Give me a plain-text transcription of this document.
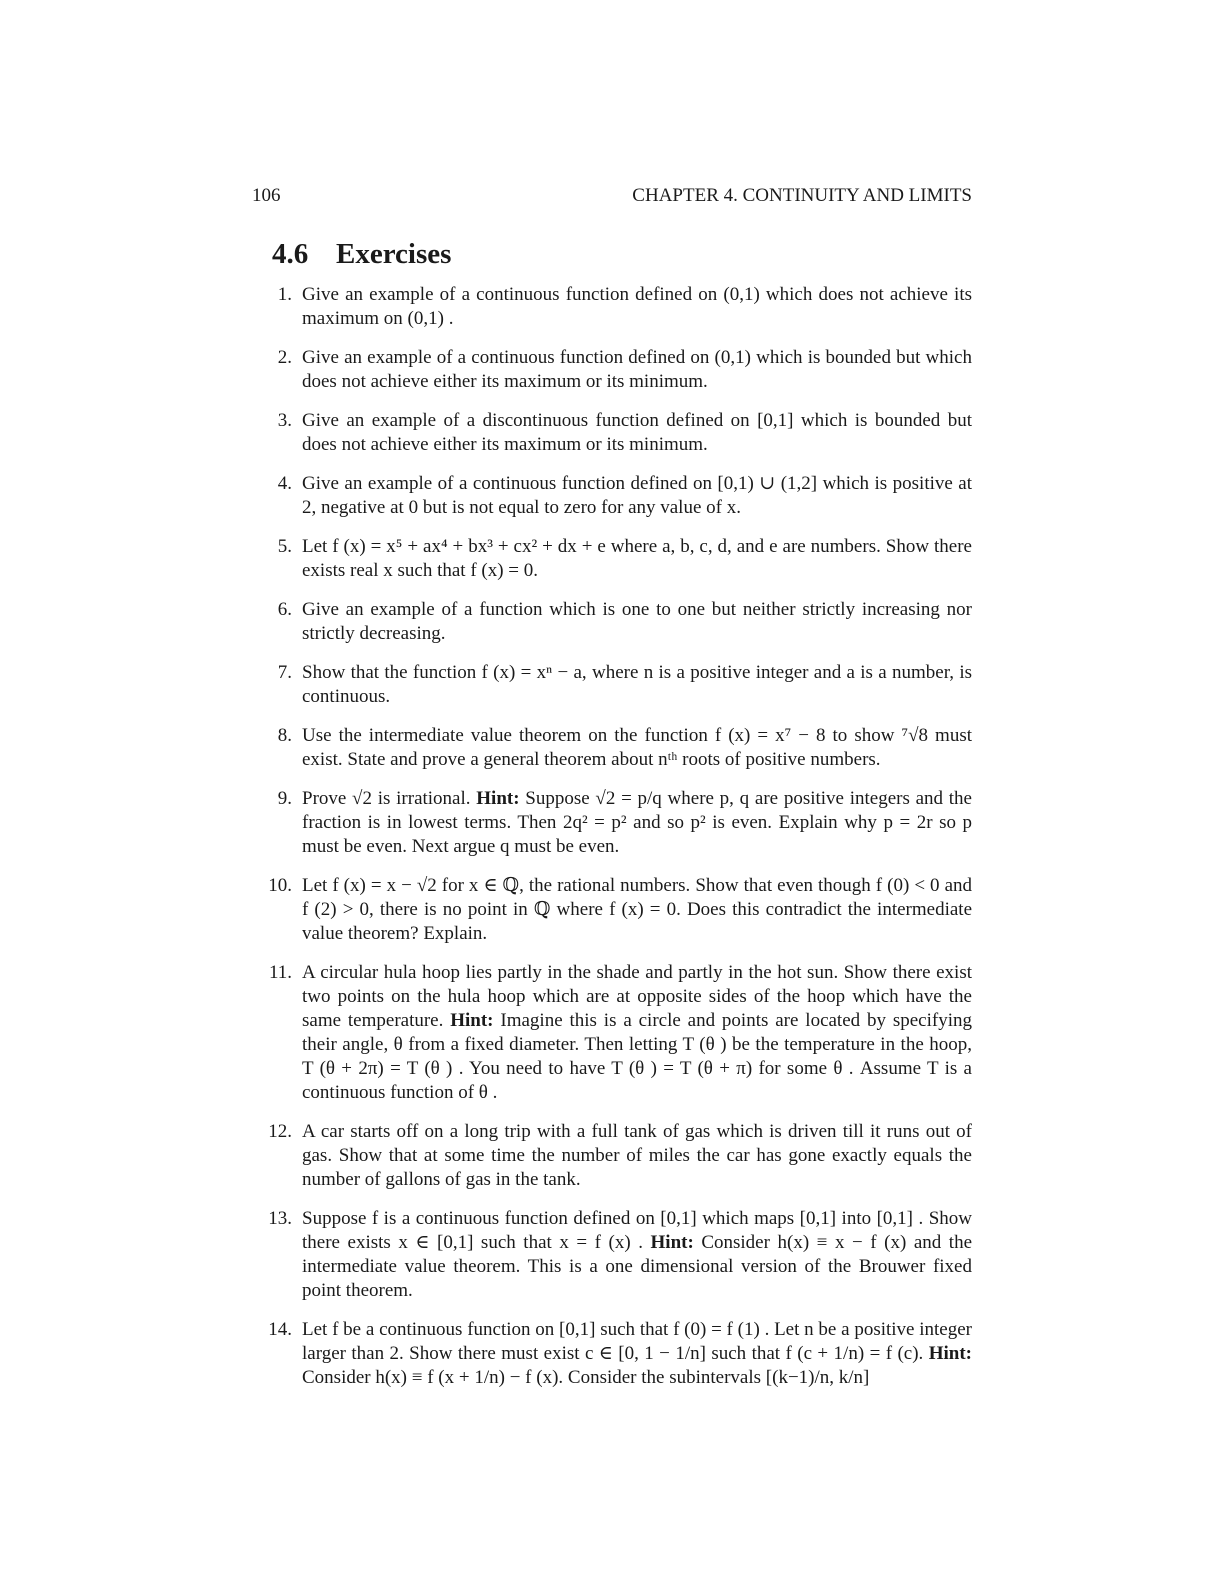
106	CHAPTER 4. CONTINUITY AND LIMITS
4.6 Exercises
1. Give an example of a continuous function defined on (0,1) which does not achieve its maximum on (0,1) .
2. Give an example of a continuous function defined on (0,1) which is bounded but which does not achieve either its maximum or its minimum.
3. Give an example of a discontinuous function defined on [0,1] which is bounded but does not achieve either its maximum or its minimum.
4. Give an example of a continuous function defined on [0,1) ∪ (1,2] which is positive at 2, negative at 0 but is not equal to zero for any value of x.
5. Let f (x) = x⁵ + ax⁴ + bx³ + cx² + dx + e where a, b, c, d, and e are numbers. Show there exists real x such that f (x) = 0.
6. Give an example of a function which is one to one but neither strictly increasing nor strictly decreasing.
7. Show that the function f (x) = xⁿ − a, where n is a positive integer and a is a number, is continuous.
8. Use the intermediate value theorem on the function f (x) = x⁷ − 8 to show ⁷√8 must exist. State and prove a general theorem about nᵗʰ roots of positive numbers.
9. Prove √2 is irrational. Hint: Suppose √2 = p/q where p, q are positive integers and the fraction is in lowest terms. Then 2q² = p² and so p² is even. Explain why p = 2r so p must be even. Next argue q must be even.
10. Let f (x) = x − √2 for x ∈ ℚ, the rational numbers. Show that even though f (0) < 0 and f (2) > 0, there is no point in ℚ where f (x) = 0. Does this contradict the intermediate value theorem? Explain.
11. A circular hula hoop lies partly in the shade and partly in the hot sun. Show there exist two points on the hula hoop which are at opposite sides of the hoop which have the same temperature. Hint: Imagine this is a circle and points are located by specifying their angle, θ from a fixed diameter. Then letting T (θ ) be the temperature in the hoop, T (θ + 2π) = T (θ ) . You need to have T (θ ) = T (θ + π) for some θ . Assume T is a continuous function of θ .
12. A car starts off on a long trip with a full tank of gas which is driven till it runs out of gas. Show that at some time the number of miles the car has gone exactly equals the number of gallons of gas in the tank.
13. Suppose f is a continuous function defined on [0,1] which maps [0,1] into [0,1] . Show there exists x ∈ [0,1] such that x = f (x) . Hint: Consider h(x) ≡ x − f (x) and the intermediate value theorem. This is a one dimensional version of the Brouwer fixed point theorem.
14. Let f be a continuous function on [0,1] such that f (0) = f (1) . Let n be a positive integer larger than 2. Show there must exist c ∈ [0, 1 − 1/n] such that f (c + 1/n) = f (c). Hint: Consider h(x) ≡ f (x + 1/n) − f (x). Consider the subintervals [(k−1)/n, k/n]
